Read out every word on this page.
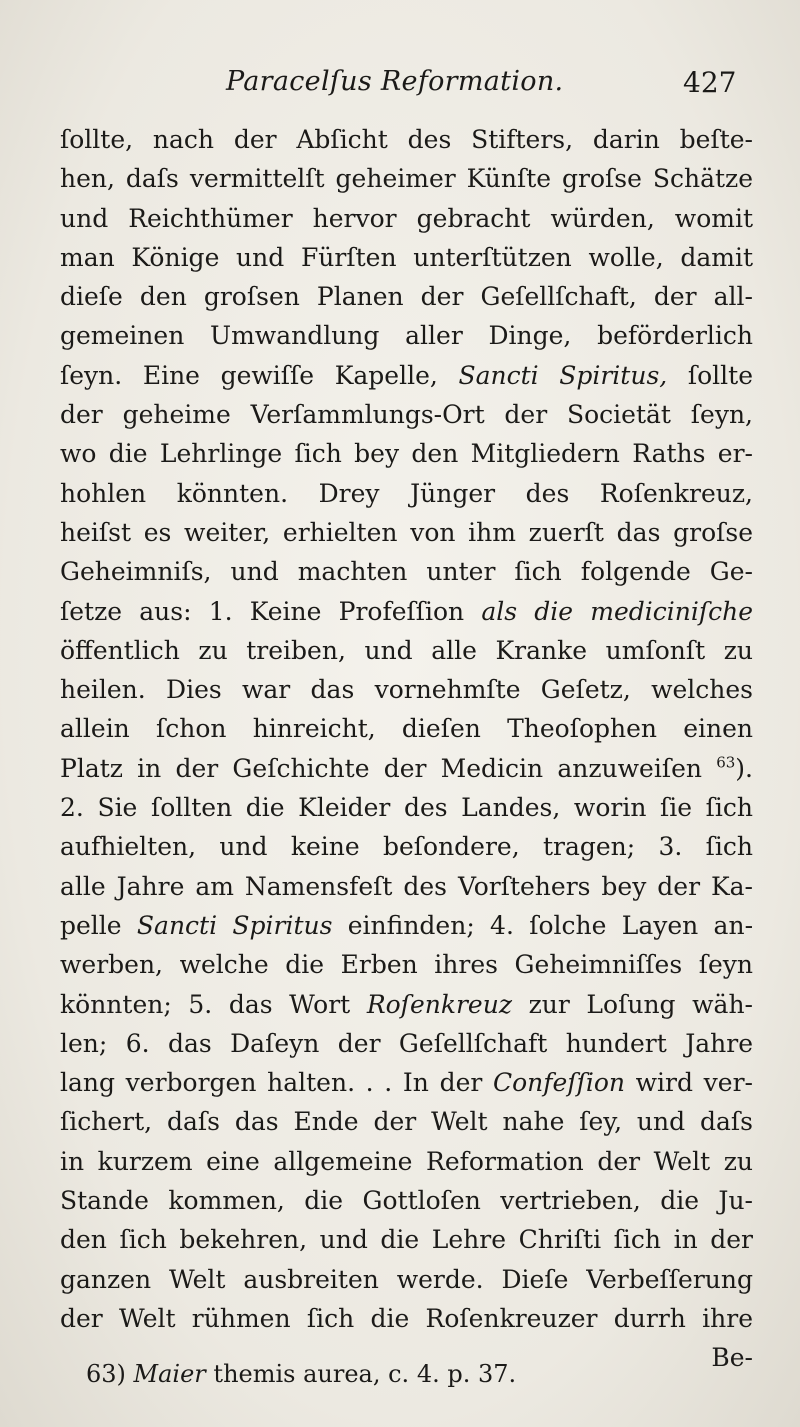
Paracelſus Reformation.	427
ſollte, nach der Abſicht des Stifters, darin beſte-
hen, daſs vermittelſt geheimer Künſte groſse Schätze
und Reichthümer hervor gebracht würden, womit
man Könige und Fürſten unterſtützen wolle, damit
dieſe den groſsen Planen der Geſellſchaft, der all-
gemeinen Umwandlung aller Dinge, beförderlich
ſeyn. Eine gewiſſe Kapelle, Sancti Spiritus, ſollte
der geheime Verſammlungs-Ort der Societät ſeyn,
wo die Lehrlinge ſich bey den Mitgliedern Raths er-
hohlen könnten. Drey Jünger des Roſenkreuz,
heiſst es weiter, erhielten von ihm zuerſt das groſse
Geheimniſs, und machten unter ſich folgende Ge-
ſetze aus: 1. Keine Profeſſion als die mediciniſche
öffentlich zu treiben, und alle Kranke umſonſt zu
heilen. Dies war das vornehmſte Geſetz, welches
allein ſchon hinreicht, dieſen Theoſophen einen
Platz in der Geſchichte der Medicin anzuweiſen $^{63}$).
2. Sie ſollten die Kleider des Landes, worin ſie ſich
aufhielten, und keine beſondere, tragen; 3. ſich
alle Jahre am Namensfeſt des Vorſtehers bey der Ka-
pelle Sancti Spiritus einfinden; 4. ſolche Layen an-
werben, welche die Erben ihres Geheimniſſes ſeyn
könnten; 5. das Wort Roſenkreuz zur Loſung wäh-
len; 6. das Daſeyn der Geſellſchaft hundert Jahre
lang verborgen halten. . . In der Confeſſion wird ver-
ſichert, daſs das Ende der Welt nahe ſey, und daſs
in kurzem eine allgemeine Reformation der Welt zu
Stande kommen, die Gottloſen vertrieben, die Ju-
den ſich bekehren, und die Lehre Chriſti ſich in der
ganzen Welt ausbreiten werde. Dieſe Verbeſſerung
der Welt rühmen ſich die Roſenkreuzer durrh ihre
Be-
63) Maier themis aurea, c. 4. p. 37.
